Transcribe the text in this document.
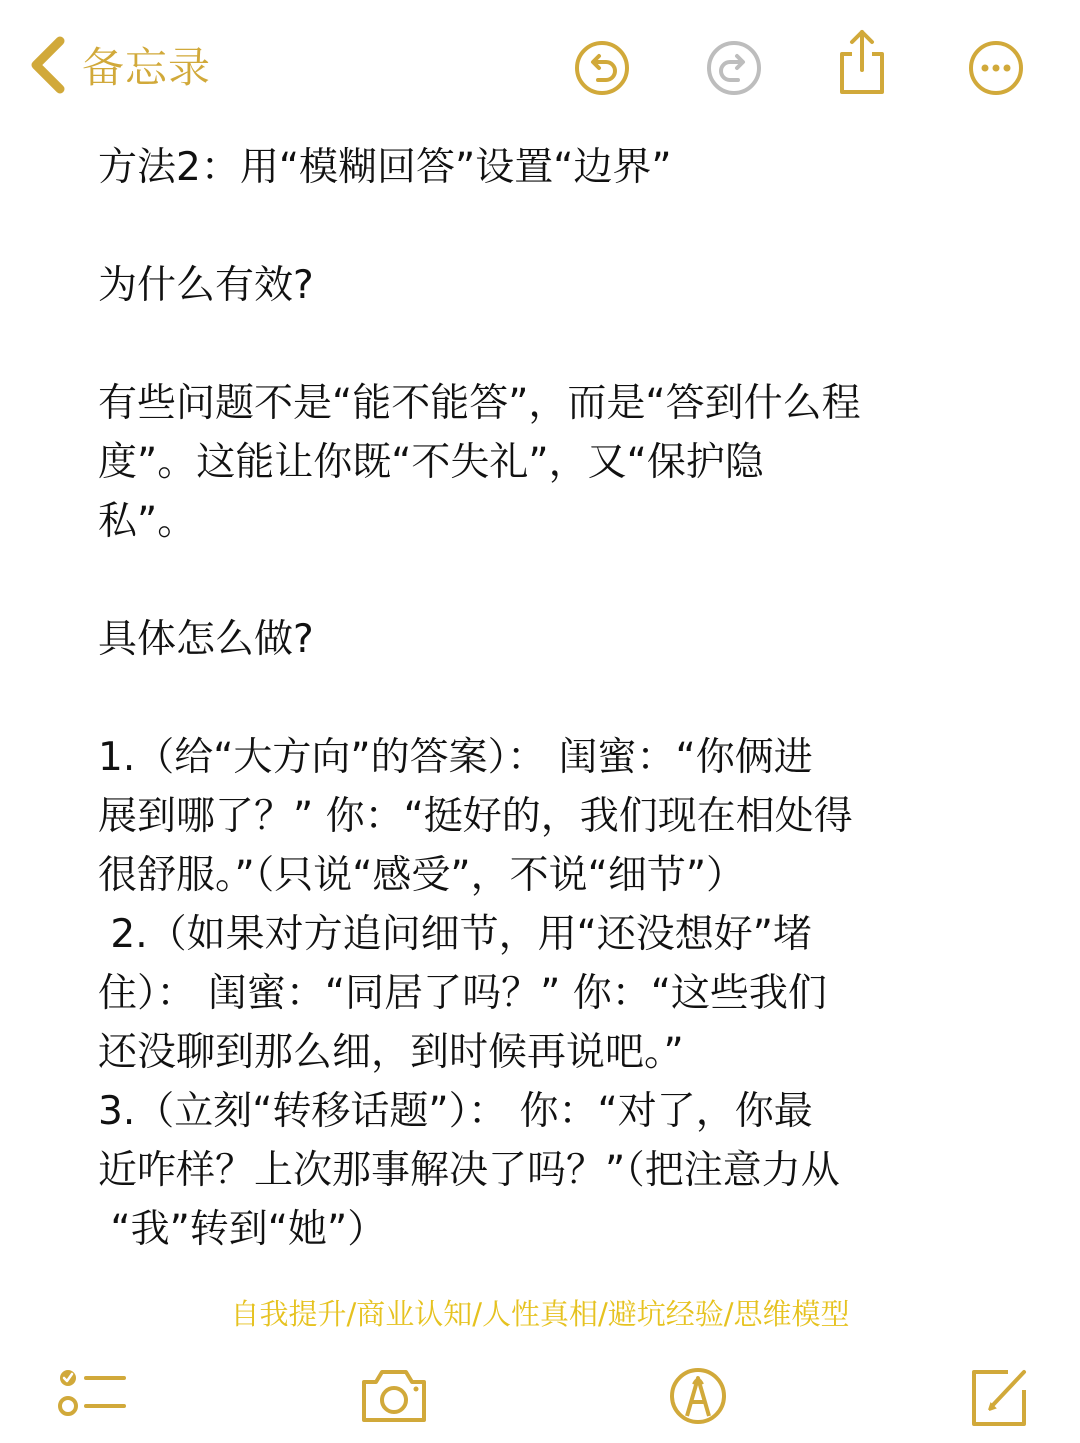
备忘录

方法2：用“模糊回答”设置“边界”

为什么有效?

有些问题不是“能不能答”，而是“答到什么程

度”。这能让你既“不失礼”，又“保护隐

私”。

具体怎么做?

1.（给“大方向”的答案）： 闺蜜：“你俩进

展到哪了？” 你：“挺好的，我们现在相处得

很舒服。”（只说“感受”，不说“细节”）

2.（如果对方追问细节，用“还没想好”堵

住）： 闺蜜：“同居了吗？” 你：“这些我们

还没聊到那么细，到时候再说吧。”

3.（立刻“转移话题”）： 你：“对了，你最

近咋样？上次那事解决了吗？”（把注意力从

“我”转到“她”）

自我提升/商业认知/人性真相/避坑经验/思维模型
